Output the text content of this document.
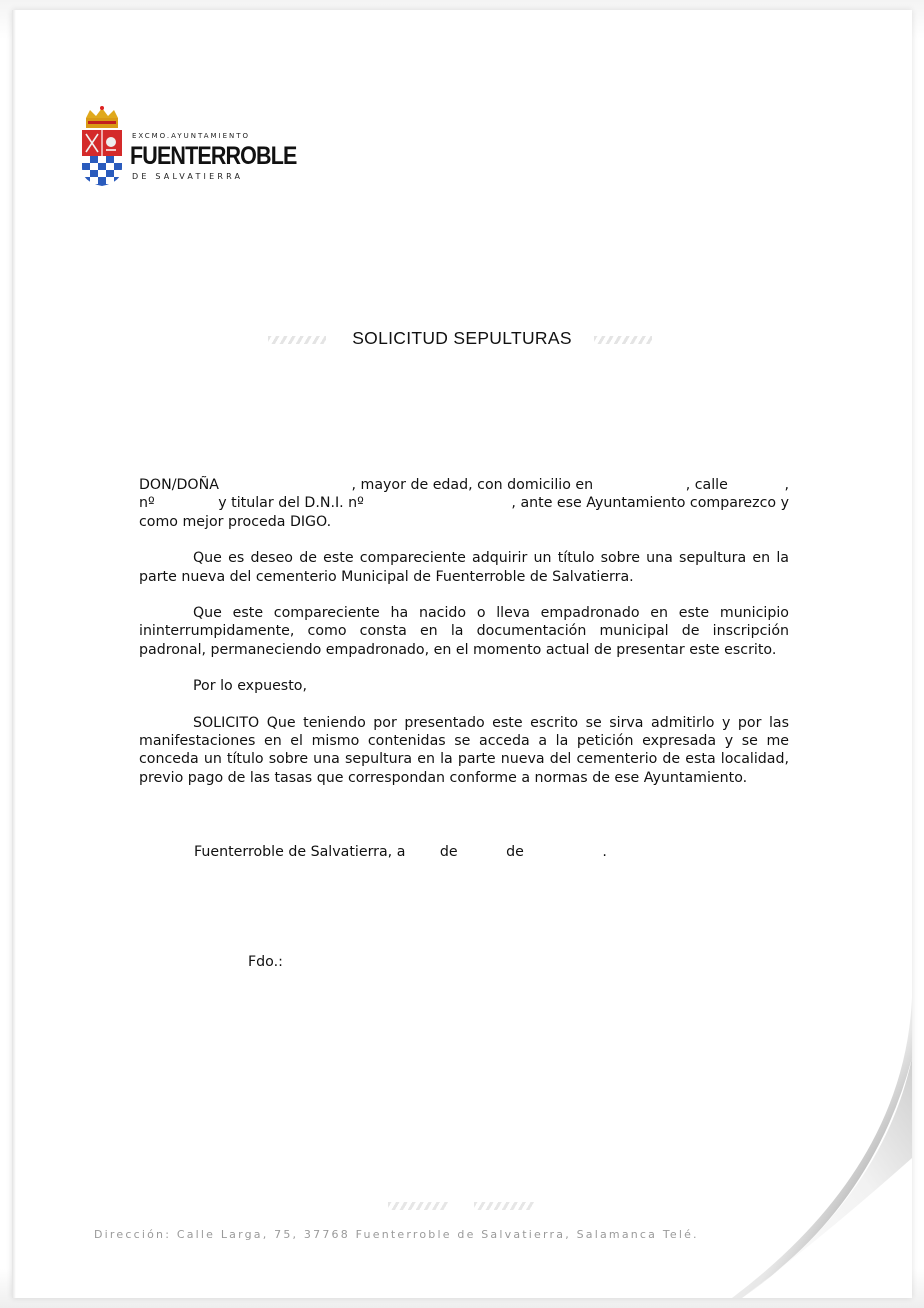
EXCMO.AYUNTAMIENTO
FUENTERROBLE
DE SALVATIERRA
SOLICITUD SEPULTURAS
DON/DOÑA	, mayor de edad, con domicilio en	, calle	,
nº	y titular del D.N.I. nº	, ante ese Ayuntamiento comparezco y
como mejor proceda DIGO.

Que es deseo de este compareciente adquirir un título sobre una sepultura en la parte nueva del cementerio Municipal de Fuenterroble de Salvatierra.

Que este compareciente ha nacido o lleva empadronado en este municipio ininterrumpidamente, como consta en la documentación municipal de inscripción padronal, permaneciendo empadronado, en el momento actual de presentar este escrito.

Por lo expuesto,

SOLICITO Que teniendo por presentado este escrito se sirva admitirlo y por las manifestaciones en el mismo contenidas se acceda a la petición expresada y se me conceda un título sobre una sepultura en la parte nueva del cementerio de esta localidad, previo pago de las tasas que correspondan conforme a normas de ese Ayuntamiento.

Fuenterroble de Salvatierra, a de	de	.
Fdo.:
Dirección: Calle Larga, 75, 37768 Fuenterroble de Salvatierra, Salamanca Telé.
